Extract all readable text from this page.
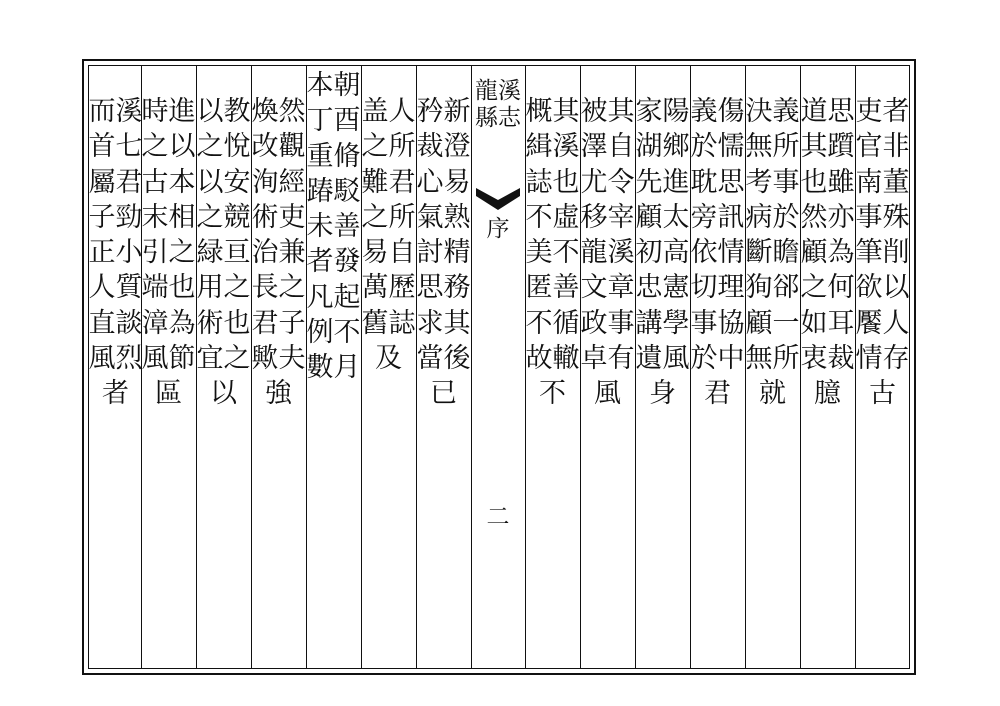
吏者官非南董事殊筆削欲以饜人情存古
道思其躓也雖然亦顧為之何如耳衷裁臆
決義無所考事病於斷瞻狥郤顧一無所就
義傷於懦耽思旁訊依情切理事協於中君
家陽湖鄉先進顧太初高忠憲講學遺風身
被其澤自尤令移宰龍溪文章政事卓有風
概其緝溪誌也不虛美不匿善不循故轍不
龍溪縣志
序
二
矜新裁澄心易氣熟討精思務求其當後已
盖人之所難君之所易自萬歷舊誌及
本朝丁酉重脩踳駁未善者發凡起例不數月
煥然改觀洵經術吏治兼長之君子歟夫強
以教之悅以安之競緑亘用之術也宜之以
時進之以古本末相引之端也漳為風節區
而溪首七屬君子勁正小人質直談風烈者
